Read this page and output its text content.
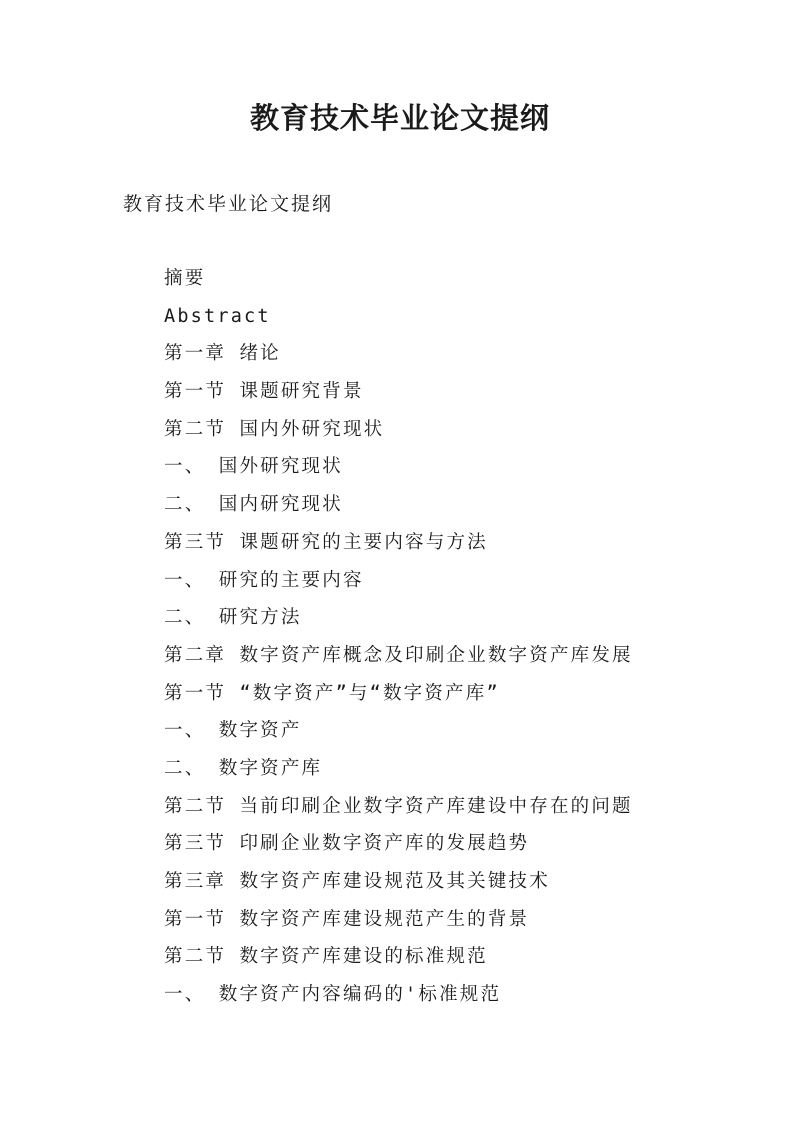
教育技术毕业论文提纲

教育技术毕业论文提纲

摘要
Abstract
第一章 绪论
第一节 课题研究背景
第二节 国内外研究现状
一、 国外研究现状
二、 国内研究现状
第三节 课题研究的主要内容与方法
一、 研究的主要内容
二、 研究方法
第二章 数字资产库概念及印刷企业数字资产库发展
第一节 “数字资产”与“数字资产库”
一、 数字资产
二、 数字资产库
第二节 当前印刷企业数字资产库建设中存在的问题
第三节 印刷企业数字资产库的发展趋势
第三章 数字资产库建设规范及其关键技术
第一节 数字资产库建设规范产生的背景
第二节 数字资产库建设的标准规范
一、 数字资产内容编码的'标准规范
